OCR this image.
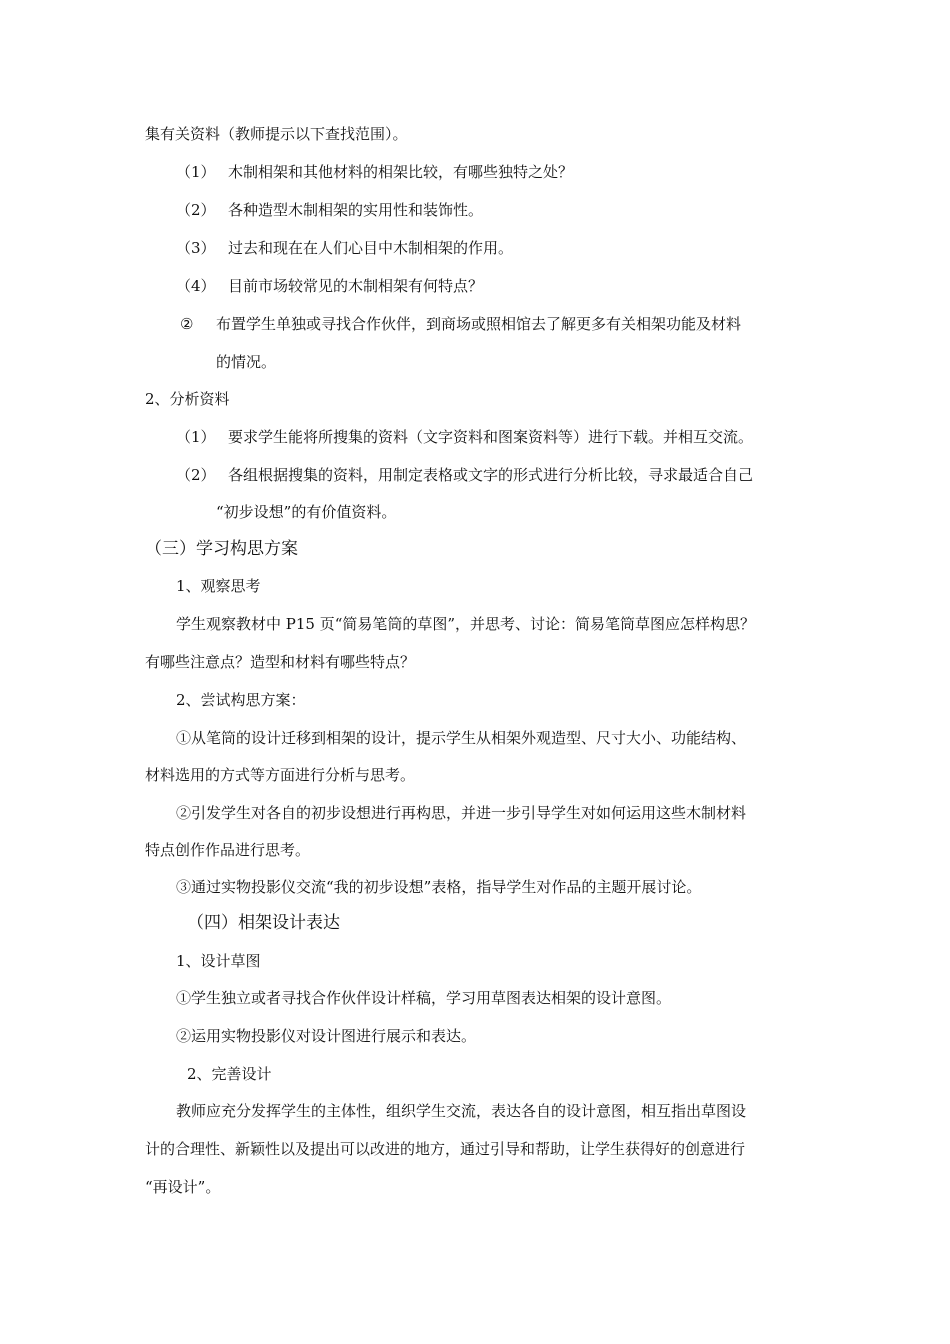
集有关资料（教师提示以下查找范围）。
（1） 木制相架和其他材料的相架比较，有哪些独特之处？
（2） 各种造型木制相架的实用性和装饰性。
（3） 过去和现在在人们心目中木制相架的作用。
（4） 目前市场较常见的木制相架有何特点？
② 布置学生单独或寻找合作伙伴，到商场或照相馆去了解更多有关相架功能及材料
的情况。
2、分析资料
（1） 要求学生能将所搜集的资料（文字资料和图案资料等）进行下载。并相互交流。
（2） 各组根据搜集的资料，用制定表格或文字的形式进行分析比较，寻求最适合自己
“初步设想”的有价值资料。
（三）学习构思方案
1、观察思考
学生观察教材中 P15 页“简易笔筒的草图”，并思考、讨论：简易笔筒草图应怎样构思？
有哪些注意点？造型和材料有哪些特点？
2、尝试构思方案：
①从笔筒的设计迁移到相架的设计，提示学生从相架外观造型、尺寸大小、功能结构、
材料选用的方式等方面进行分析与思考。
②引发学生对各自的初步设想进行再构思，并进一步引导学生对如何运用这些木制材料
特点创作作品进行思考。
③通过实物投影仪交流“我的初步设想”表格，指导学生对作品的主题开展讨论。
（四）相架设计表达
1、设计草图
①学生独立或者寻找合作伙伴设计样稿，学习用草图表达相架的设计意图。
②运用实物投影仪对设计图进行展示和表达。
2、完善设计
教师应充分发挥学生的主体性，组织学生交流，表达各自的设计意图，相互指出草图设
计的合理性、新颖性以及提出可以改进的地方，通过引导和帮助，让学生获得好的创意进行
“再设计”。
